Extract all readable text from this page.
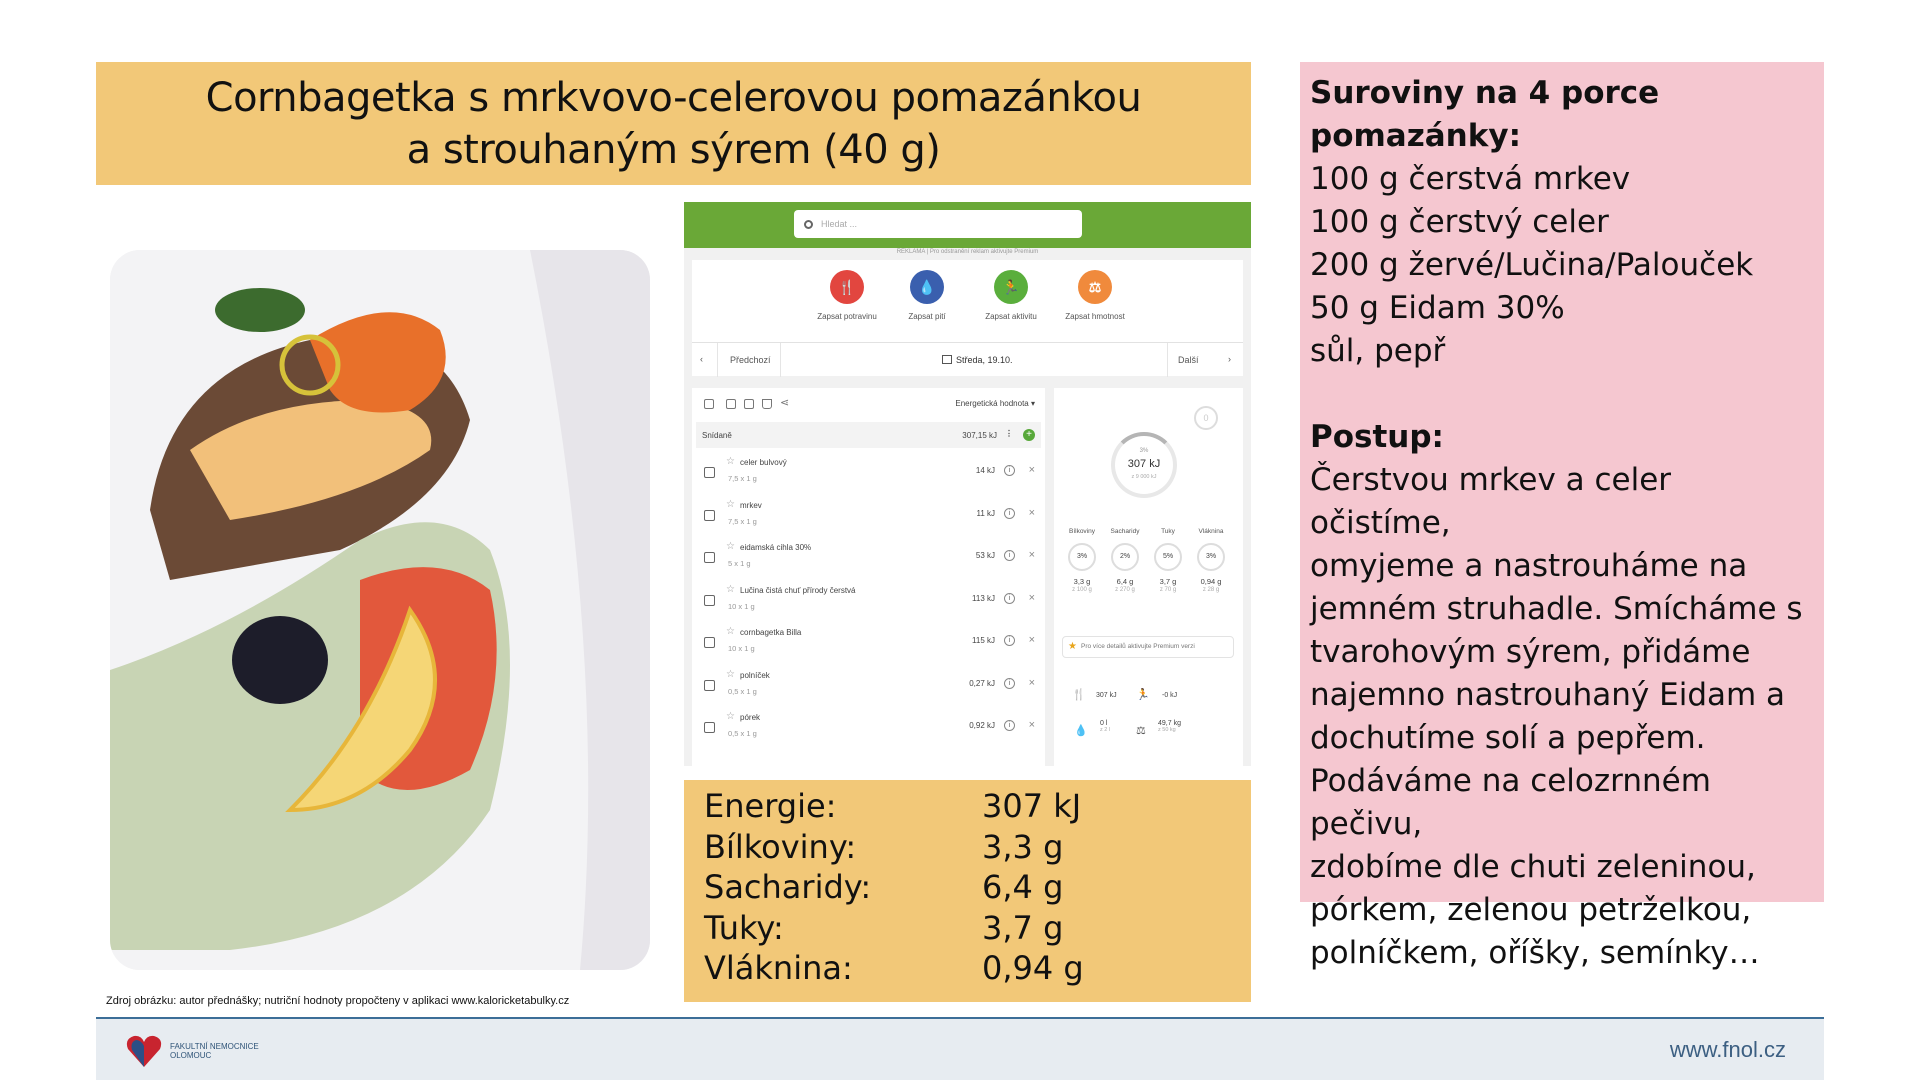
Cornbagetka s mrkvovo-celerovou pomazánkou
a strouhaným sýrem (40 g)
Hledat ...
REKLAMA | Pro odstranění reklam aktivujte Premium
🍴
Zapsat potravinu
💧
Zapsat pití
🏃
Zapsat aktivitu
⚖
Zapsat hmotnost
‹	Předchozí	Středa, 19.10.	Další	›
⋖	Energetická hodnota ▾
Snídaně	307,15 kJ ⋮	+
☆ celer bulvový
7,5 x 1 g
14 kJ	i	×
☆ mrkev
7,5 x 1 g
11 kJ	i	×
☆ eidamská cihla 30%
5 x 1 g
53 kJ	i	×
☆ Lučina čistá chuť přírody čerstvá
10 x 1 g
113 kJ	i	×
☆ cornbagetka Billa
10 x 1 g
115 kJ	i	×
☆ polníček
0,5 x 1 g
0,27 kJ	i	×
☆ pórek
0,5 x 1 g
0,92 kJ	i	×
0
3%
307 kJ
z 9 000 kJ
Bílkoviny
3%
3,3 g
z 100 g
Sacharidy
2%
6,4 g
z 270 g
Tuky
5%
3,7 g
z 70 g
Vláknina
3%
0,94 g
z 28 g
★ Pro více detailů aktivujte Premium verzi
🍴 307 kJ 🏃 -0 kJ
💧
0 l
z 2 l ⚖
49,7 kg
z 50 kg
Energie:	307 kJ
Bílkoviny:	3,3 g
Sacharidy:	6,4 g
Tuky:	3,7 g
Vláknina:	0,94 g
Suroviny na 4 porce pomazánky:
100 g čerstvá mrkev
100 g čerstvý celer
200 g žervé/Lučina/Palouček
50 g Eidam 30%
sůl, pepř
Postup:
Čerstvou mrkev a celer očistíme,
omyjeme a nastrouháme na
jemném struhadle. Smícháme s
tvarohovým sýrem, přidáme
najemno nastrouhaný Eidam a
dochutíme solí a pepřem.
Podáváme na celozrnném pečivu,
zdobíme dle chuti zeleninou,
pórkem, zelenou petrželkou,
polníčkem, oříšky, semínky…
Zdroj obrázku: autor přednášky; nutriční hodnoty propočteny v aplikaci www.kaloricketabulky.cz
FAKULTNÍ NEMOCNICE
OLOMOUC	www.fnol.cz
